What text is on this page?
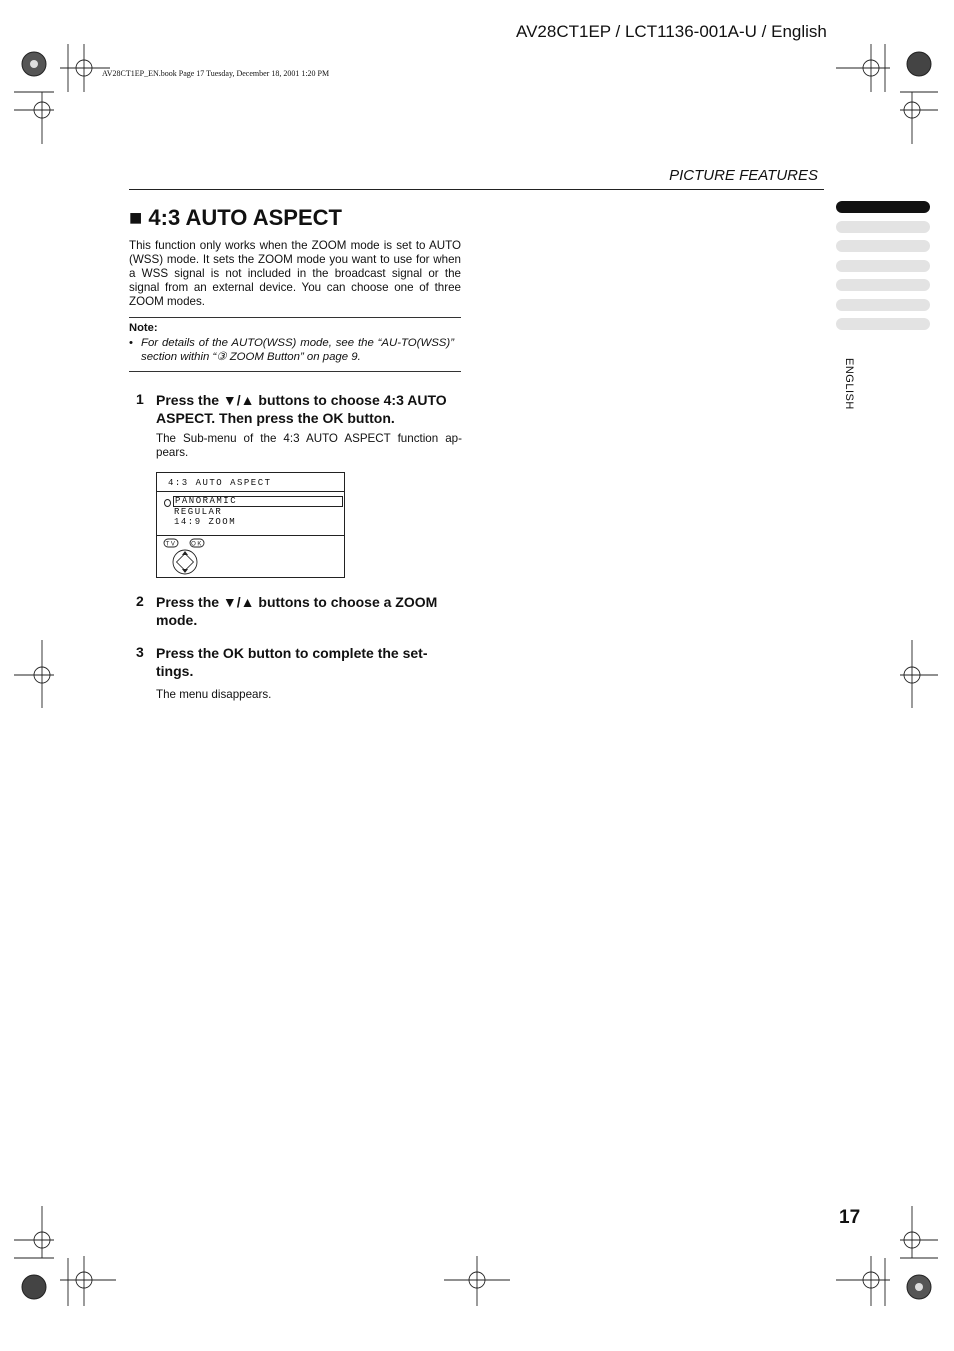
AV28CT1EP / LCT1136-001A-U / English
AV28CT1EP_EN.book Page 17 Tuesday, December 18, 2001 1:20 PM
PICTURE FEATURES
■ 4:3 AUTO ASPECT
This function only works when the ZOOM mode is set to AUTO (WSS) mode. It sets the ZOOM mode you want to use for when a WSS signal is not included in the broadcast signal or the signal from an external device. You can choose one of three ZOOM modes.
Note:
• For details of the AUTO(WSS) mode, see the “AU-TO(WSS)” section within “③ ZOOM Button” on page 9.
1 Press the ▼/▲ buttons to choose 4:3 AUTO ASPECT. Then press the OK button.
The Sub-menu of the 4:3 AUTO ASPECT function ap-pears.
4:3 AUTO ASPECT
PANORAMIC
REGULAR
14:9 ZOOM
TV OK
2 Press the ▼/▲ buttons to choose a ZOOM mode.
3 Press the OK button to complete the set-tings.
The menu disappears.
ENGLISH
17
